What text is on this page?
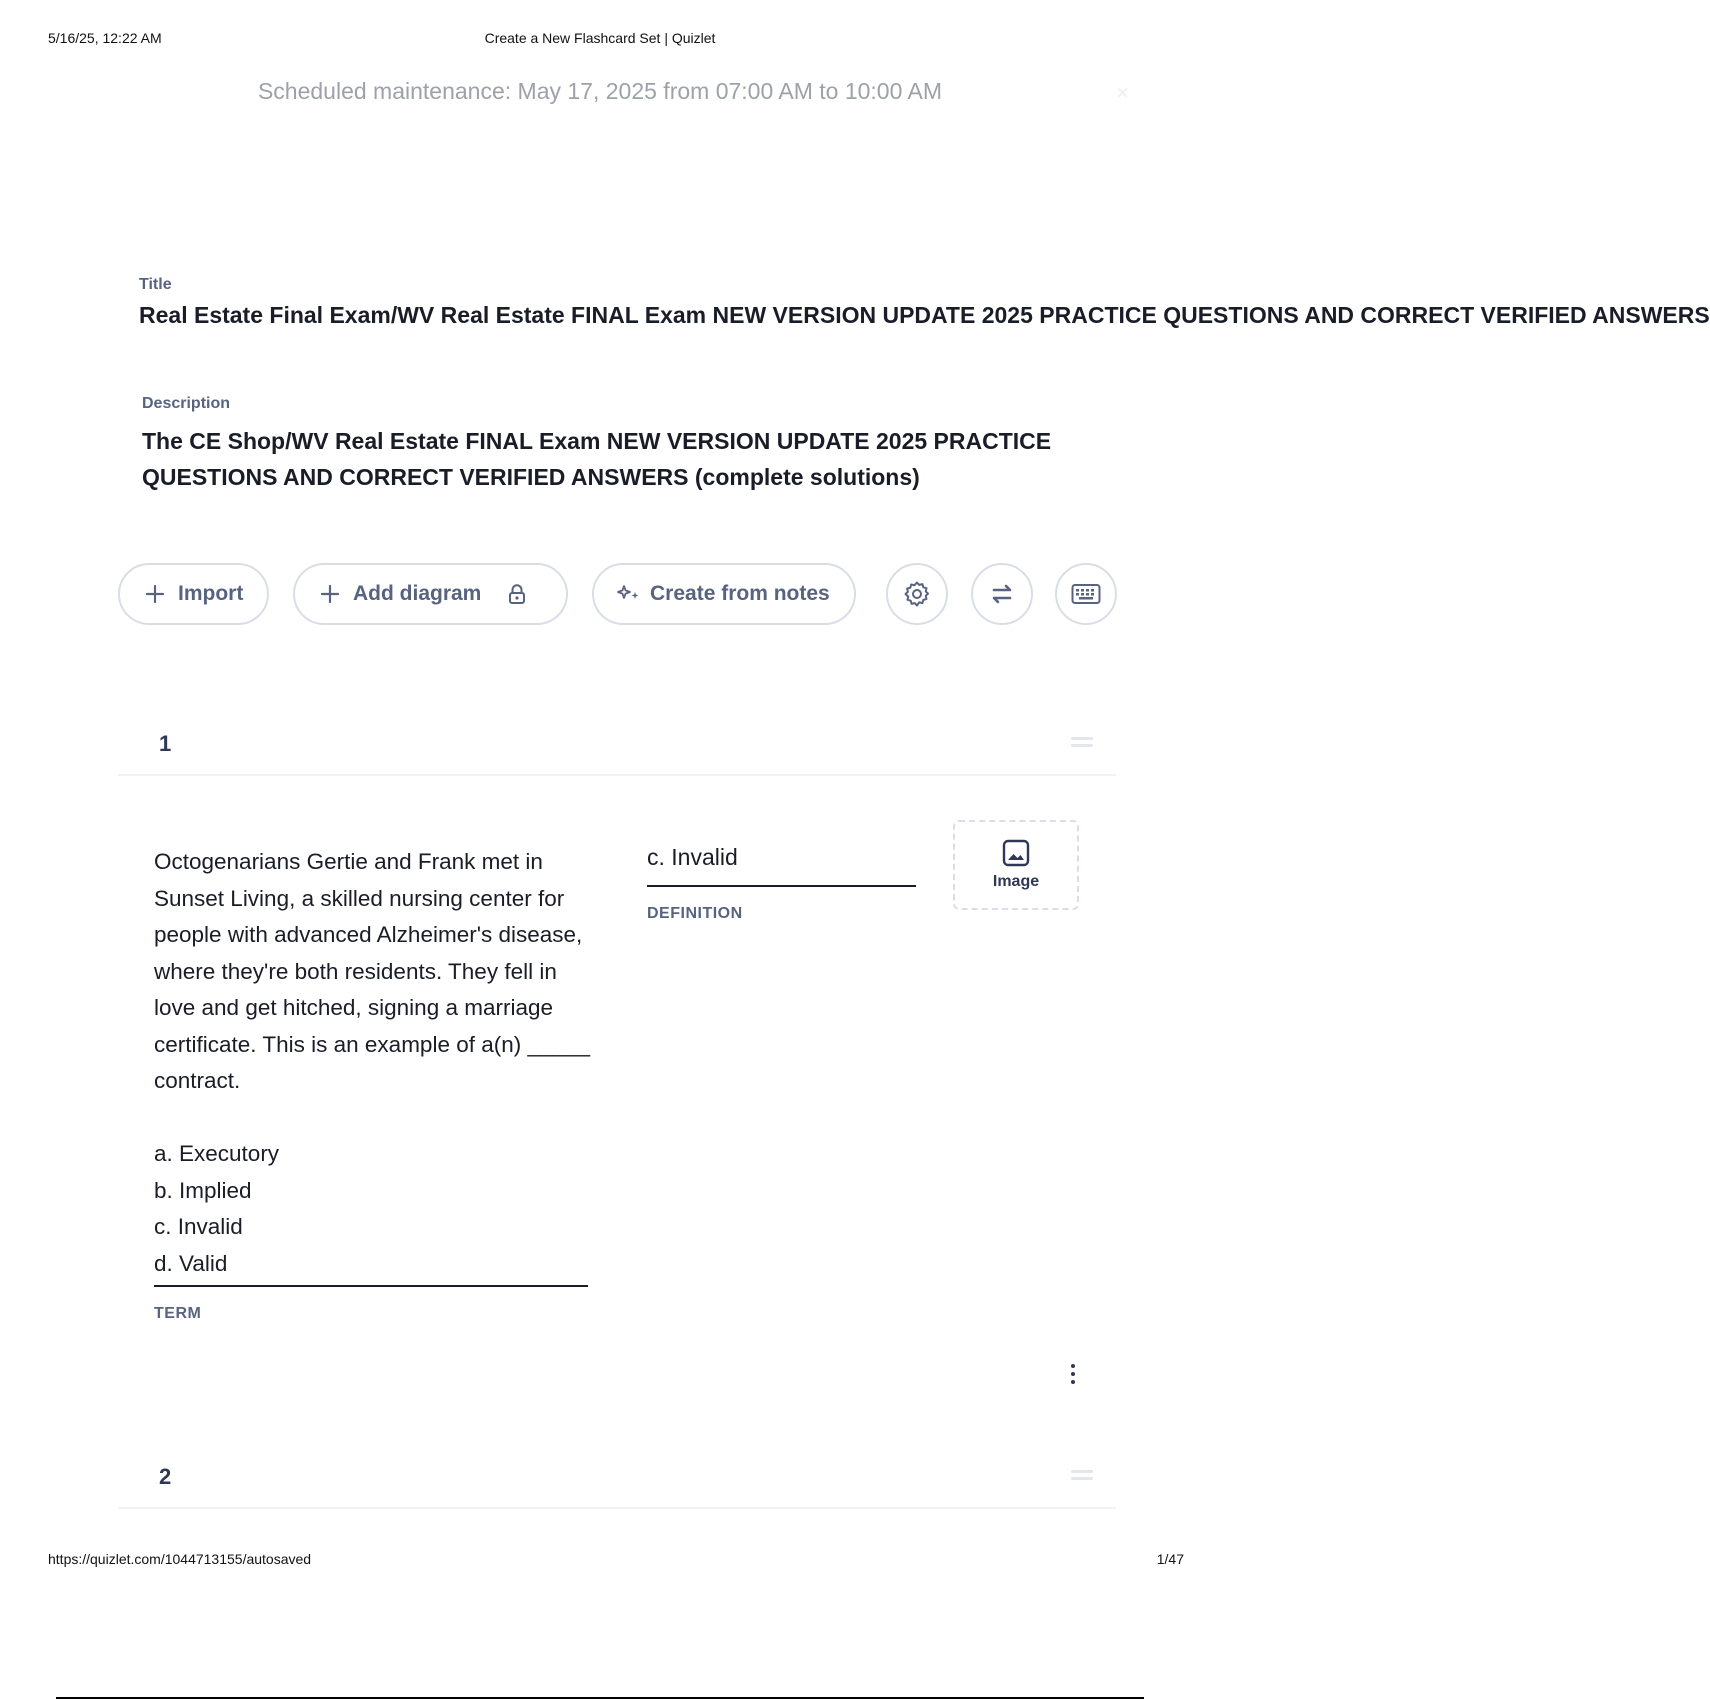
5/16/25, 12:22 AM	Create a New Flashcard Set | Quizlet
Scheduled maintenance: May 17, 2025 from 07:00 AM to 10:00 AM	×
Title
Real Estate Final Exam/WV Real Estate FINAL Exam NEW VERSION UPDATE 2025 PRACTICE QUESTIONS AND CORRECT VERIFIED ANSWERS
Description
The CE Shop/WV Real Estate FINAL Exam NEW VERSION UPDATE 2025 PRACTICE QUESTIONS AND CORRECT VERIFIED ANSWERS (complete solutions)
Import	Add diagram	Create from notes
1
Octogenarians Gertie and Frank met in Sunset Living, a skilled nursing center for people with advanced Alzheimer's disease, where they're both residents. They fell in love and get hitched, signing a marriage certificate. This is an example of a(n) _____ contract.

a. Executory
b. Implied
c. Invalid
d. Valid
TERM
c. Invalid
DEFINITION
Image
2
https://quizlet.com/1044713155/autosaved	1/47
